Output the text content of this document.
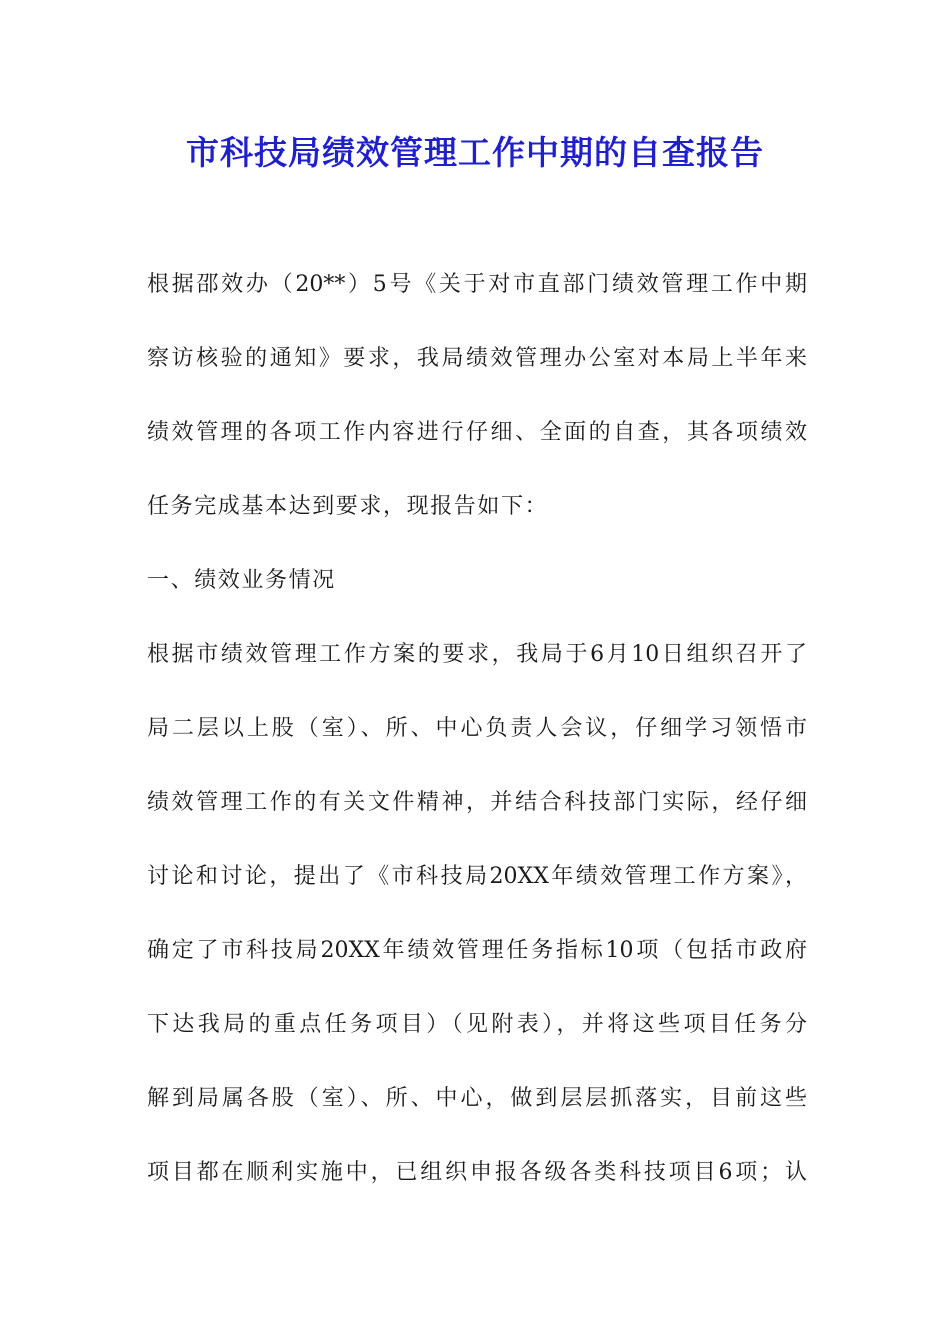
市科技局绩效管理工作中期的自查报告
根据邵效办（20**）5号《关于对市直部门绩效管理工作中期
察访核验的通知》要求，我局绩效管理办公室对本局上半年来
绩效管理的各项工作内容进行仔细、全面的自查，其各项绩效
任务完成基本达到要求，现报告如下：
一、绩效业务情况
根据市绩效管理工作方案的要求，我局于6月10日组织召开了
局二层以上股（室）、所、中心负责人会议，仔细学习领悟市
绩效管理工作的有关文件精神，并结合科技部门实际，经仔细
讨论和讨论，提出了《市科技局20XX年绩效管理工作方案》，
确定了市科技局20XX年绩效管理任务指标10项（包括市政府
下达我局的重点任务项目）（见附表），并将这些项目任务分
解到局属各股（室）、所、中心，做到层层抓落实，目前这些
项目都在顺利实施中，已组织申报各级各类科技项目6项；认
